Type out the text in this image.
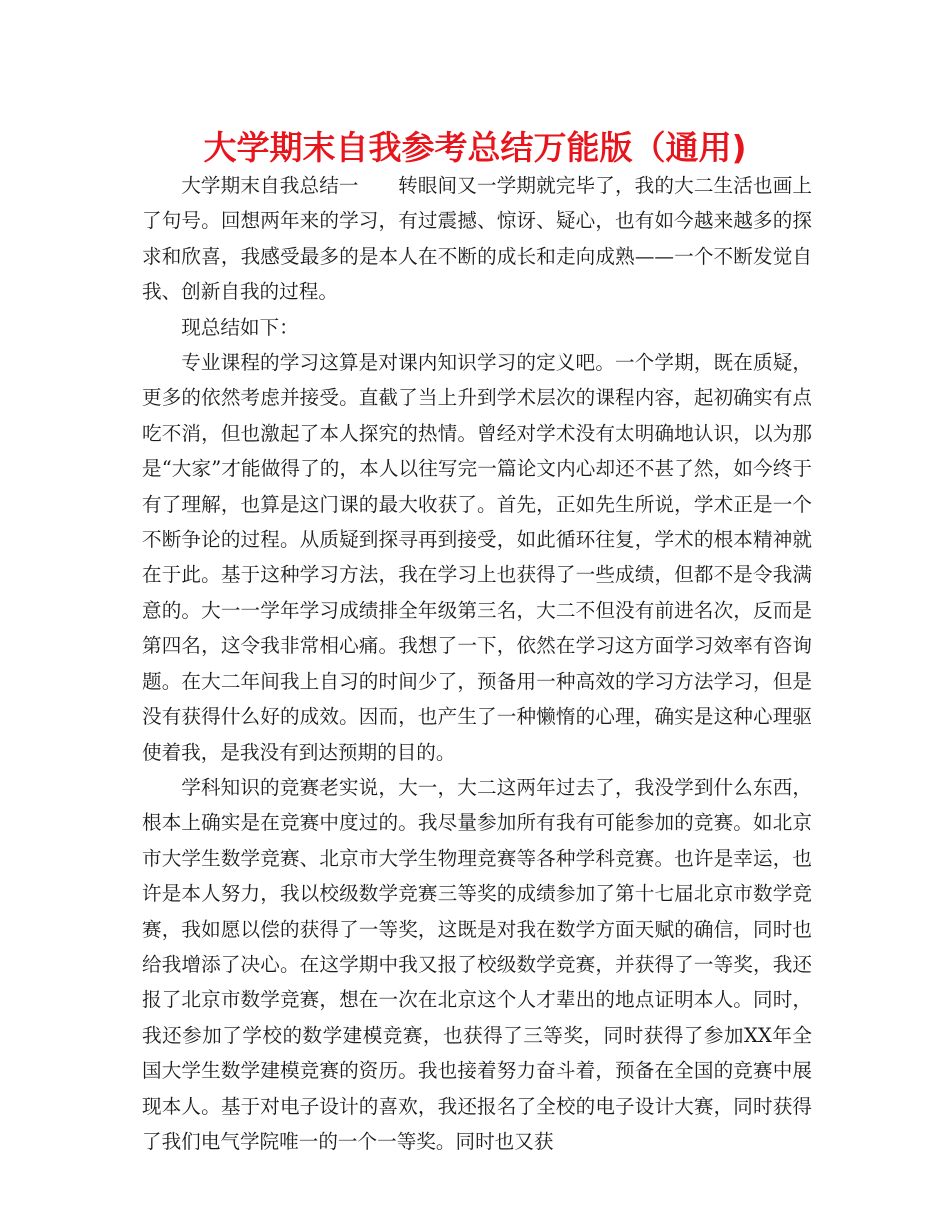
大学期末自我参考总结万能版（通用)

大学期末自我总结一　　转眼间又一学期就完毕了，我的大二生活也画上了句号。回想两年来的学习，有过震撼、惊讶、疑心，也有如今越来越多的探求和欣喜，我感受最多的是本人在不断的成长和走向成熟——一个不断发觉自我、创新自我的过程。

现总结如下：

专业课程的学习这算是对课内知识学习的定义吧。一个学期，既在质疑，更多的依然考虑并接受。直截了当上升到学术层次的课程内容，起初确实有点吃不消，但也激起了本人探究的热情。曾经对学术没有太明确地认识，以为那是“大家”才能做得了的，本人以往写完一篇论文内心却还不甚了然，如今终于有了理解，也算是这门课的最大收获了。首先，正如先生所说，学术正是一个不断争论的过程。从质疑到探寻再到接受，如此循环往复，学术的根本精神就在于此。基于这种学习方法，我在学习上也获得了一些成绩，但都不是令我满意的。大一一学年学习成绩排全年级第三名，大二不但没有前进名次，反而是第四名，这令我非常相心痛。我想了一下，依然在学习这方面学习效率有咨询题。在大二年间我上自习的时间少了，预备用一种高效的学习方法学习，但是没有获得什么好的成效。因而，也产生了一种懒惰的心理，确实是这种心理驱使着我，是我没有到达预期的目的。

学科知识的竞赛老实说，大一，大二这两年过去了，我没学到什么东西，根本上确实是在竞赛中度过的。我尽量参加所有我有可能参加的竞赛。如北京市大学生数学竞赛、北京市大学生物理竞赛等各种学科竞赛。也许是幸运，也许是本人努力，我以校级数学竞赛三等奖的成绩参加了第十七届北京市数学竞赛，我如愿以偿的获得了一等奖，这既是对我在数学方面天赋的确信，同时也给我增添了决心。在这学期中我又报了校级数学竞赛，并获得了一等奖，我还报了北京市数学竞赛，想在一次在北京这个人才辈出的地点证明本人。同时，我还参加了学校的数学建模竞赛，也获得了三等奖，同时获得了参加XX年全国大学生数学建模竞赛的资历。我也接着努力奋斗着，预备在全国的竞赛中展现本人。基于对电子设计的喜欢，我还报名了全校的电子设计大赛，同时获得了我们电气学院唯一的一个一等奖。同时也又获
